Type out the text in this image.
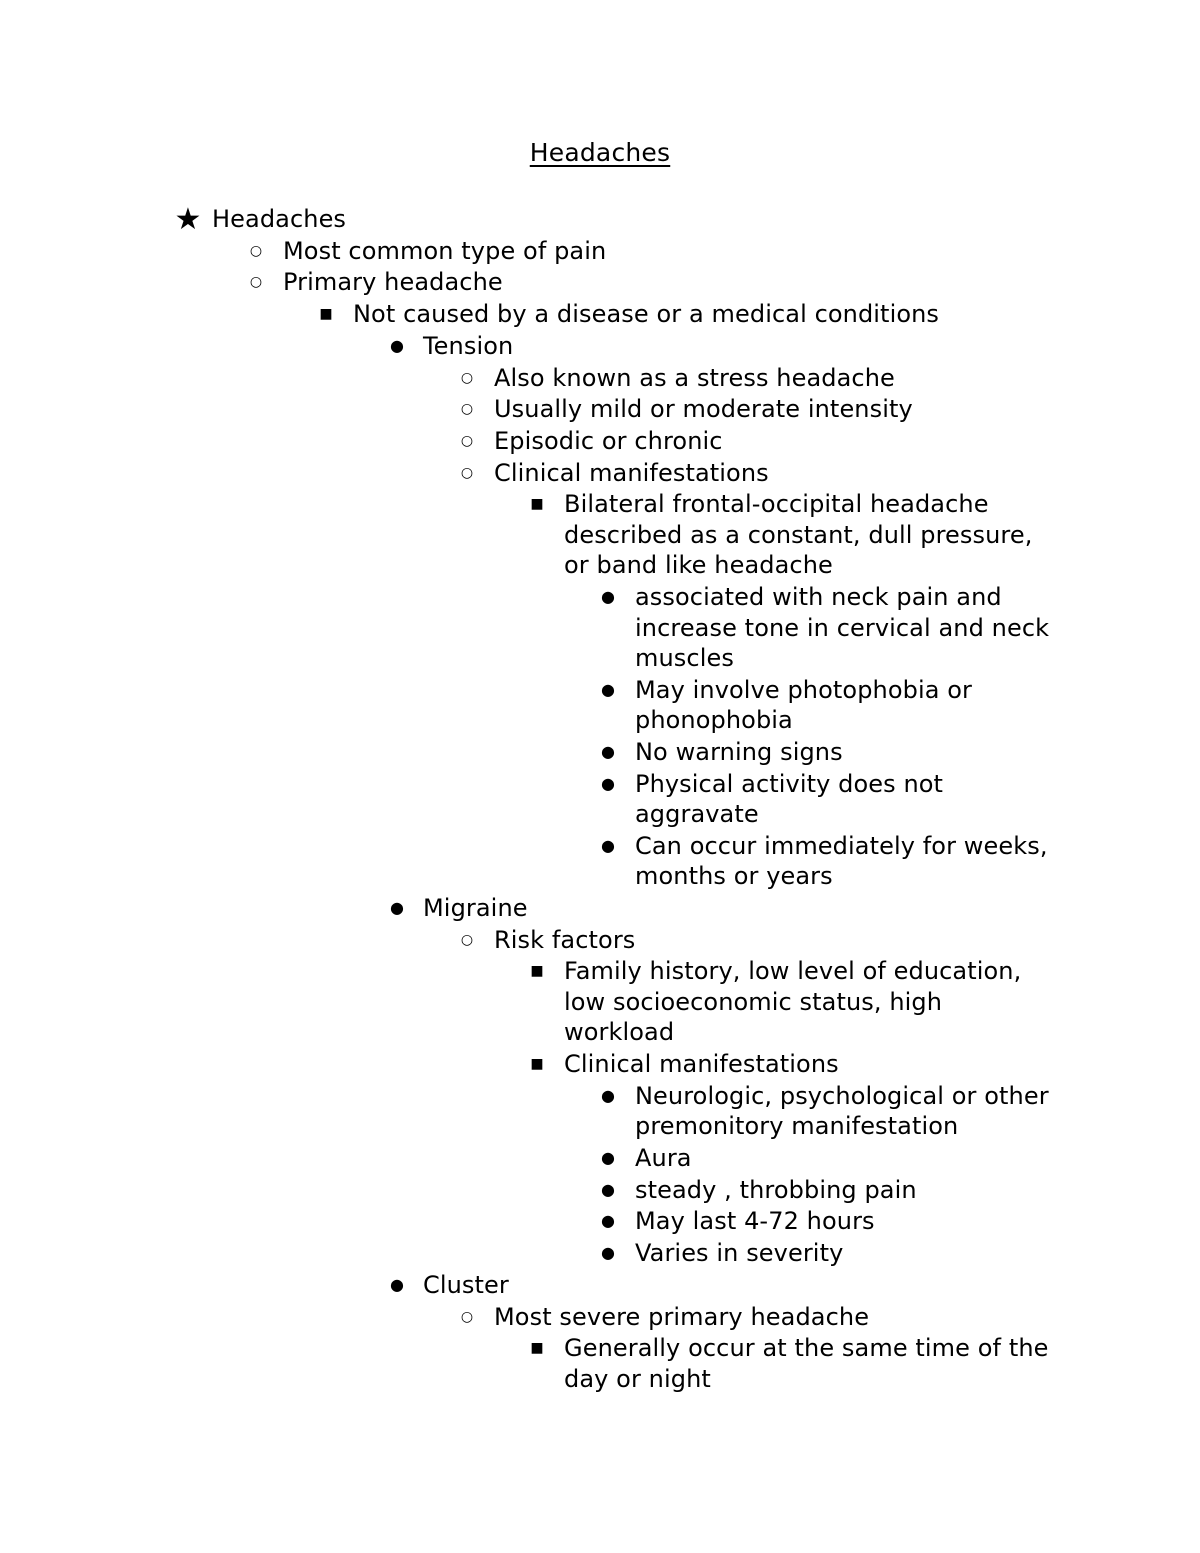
Headaches
★ Headaches
○ Most common type of pain
○ Primary headache
■ Not caused by a disease or a medical conditions
● Tension
○ Also known as a stress headache
○ Usually mild or moderate intensity
○ Episodic or chronic
○ Clinical manifestations
■ Bilateral frontal-occipital headache
described as a constant, dull pressure,
or band like headache
● associated with neck pain and
increase tone in cervical and neck
muscles
● May involve photophobia or
phonophobia
● No warning signs
● Physical activity does not
aggravate
● Can occur immediately for weeks,
months or years
● Migraine
○ Risk factors
■ Family history, low level of education,
low socioeconomic status, high
workload
■ Clinical manifestations
● Neurologic, psychological or other
premonitory manifestation
● Aura
● steady , throbbing pain
● May last 4-72 hours
● Varies in severity
● Cluster
○ Most severe primary headache
■ Generally occur at the same time of the
day or night
